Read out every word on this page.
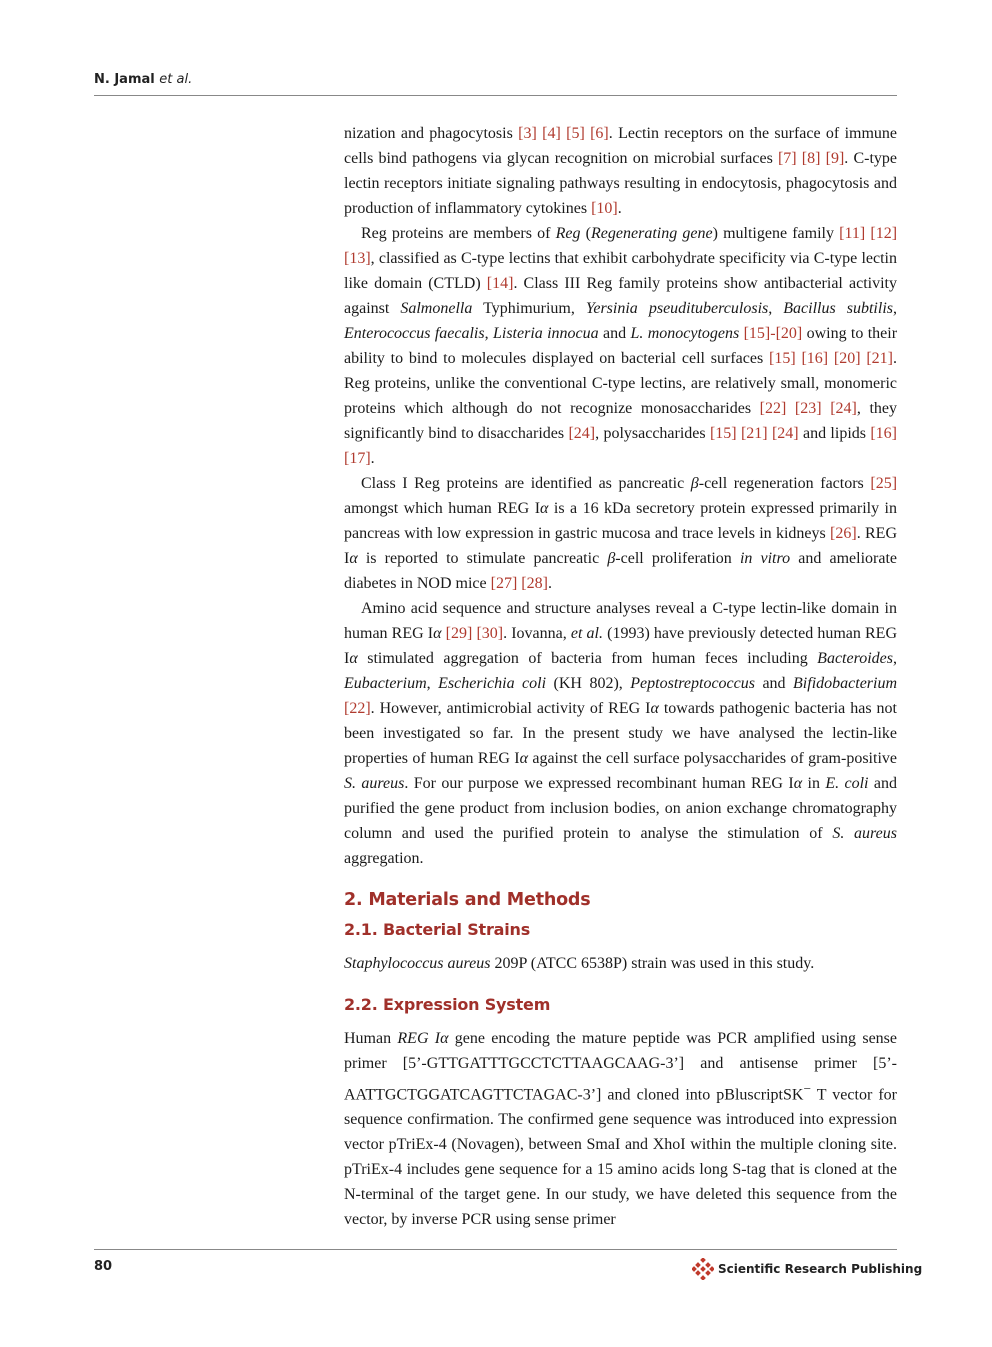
N. Jamal et al.

nization and phagocytosis [3] [4] [5] [6]. Lectin receptors on the surface of immune cells bind pathogens via glycan recognition on microbial surfaces [7] [8] [9]. C-type lectin receptors initiate signaling pathways resulting in endocytosis, phagocytosis and production of inflammatory cytokines [10].

Reg proteins are members of Reg (Regenerating gene) multigene family [11] [12] [13], classified as C-type lectins that exhibit carbohydrate specificity via C-type lectin like domain (CTLD) [14]. Class III Reg family proteins show antibacterial activity against Salmonella Typhimurium, Yersinia pseudituberculosis, Bacillus subtilis, Enterococcus faecalis, Listeria innocua and L. monocytogens [15]-[20] owing to their ability to bind to molecules displayed on bacterial cell surfaces [15] [16] [20] [21]. Reg proteins, unlike the conventional C-type lectins, are relatively small, monomeric proteins which although do not recognize monosaccharides [22] [23] [24], they significantly bind to disaccharides [24], polysaccharides [15] [21] [24] and lipids [16] [17].

Class I Reg proteins are identified as pancreatic β-cell regeneration factors [25] amongst which human REG Iα is a 16 kDa secretory protein expressed primarily in pancreas with low expression in gastric mucosa and trace levels in kidneys [26]. REG Iα is reported to stimulate pancreatic β-cell proliferation in vitro and ameliorate diabetes in NOD mice [27] [28].

Amino acid sequence and structure analyses reveal a C-type lectin-like domain in human REG Iα [29] [30]. Iovanna, et al. (1993) have previously detected human REG Iα stimulated aggregation of bacteria from human feces including Bacteroides, Eubacterium, Escherichia coli (KH 802), Peptostreptococcus and Bifidobacterium [22]. However, antimicrobial activity of REG Iα towards pathogenic bacteria has not been investigated so far. In the present study we have analysed the lectin-like properties of human REG Iα against the cell surface polysaccharides of gram-positive S. aureus. For our purpose we expressed recombinant human REG Iα in E. coli and purified the gene product from inclusion bodies, on anion exchange chromatography column and used the purified protein to analyse the stimulation of S. aureus aggregation.

2. Materials and Methods
2.1. Bacterial Strains

Staphylococcus aureus 209P (ATCC 6538P) strain was used in this study.

2.2. Expression System

Human REG Iα gene encoding the mature peptide was PCR amplified using sense primer [5’-GTTGATTTGCCTCTTAAGCAAG-3’] and antisense primer [5’-AATTGCTGGATCAGTTCTAGAC-3’] and cloned into pBluscriptSK− T vector for sequence confirmation. The confirmed gene sequence was introduced into expression vector pTriEx-4 (Novagen), between SmaI and XhoI within the multiple cloning site. pTriEx-4 includes gene sequence for a 15 amino acids long S-tag that is cloned at the N-terminal of the target gene. In our study, we have deleted this sequence from the vector, by inverse PCR using sense primer

80	Scientific Research Publishing
